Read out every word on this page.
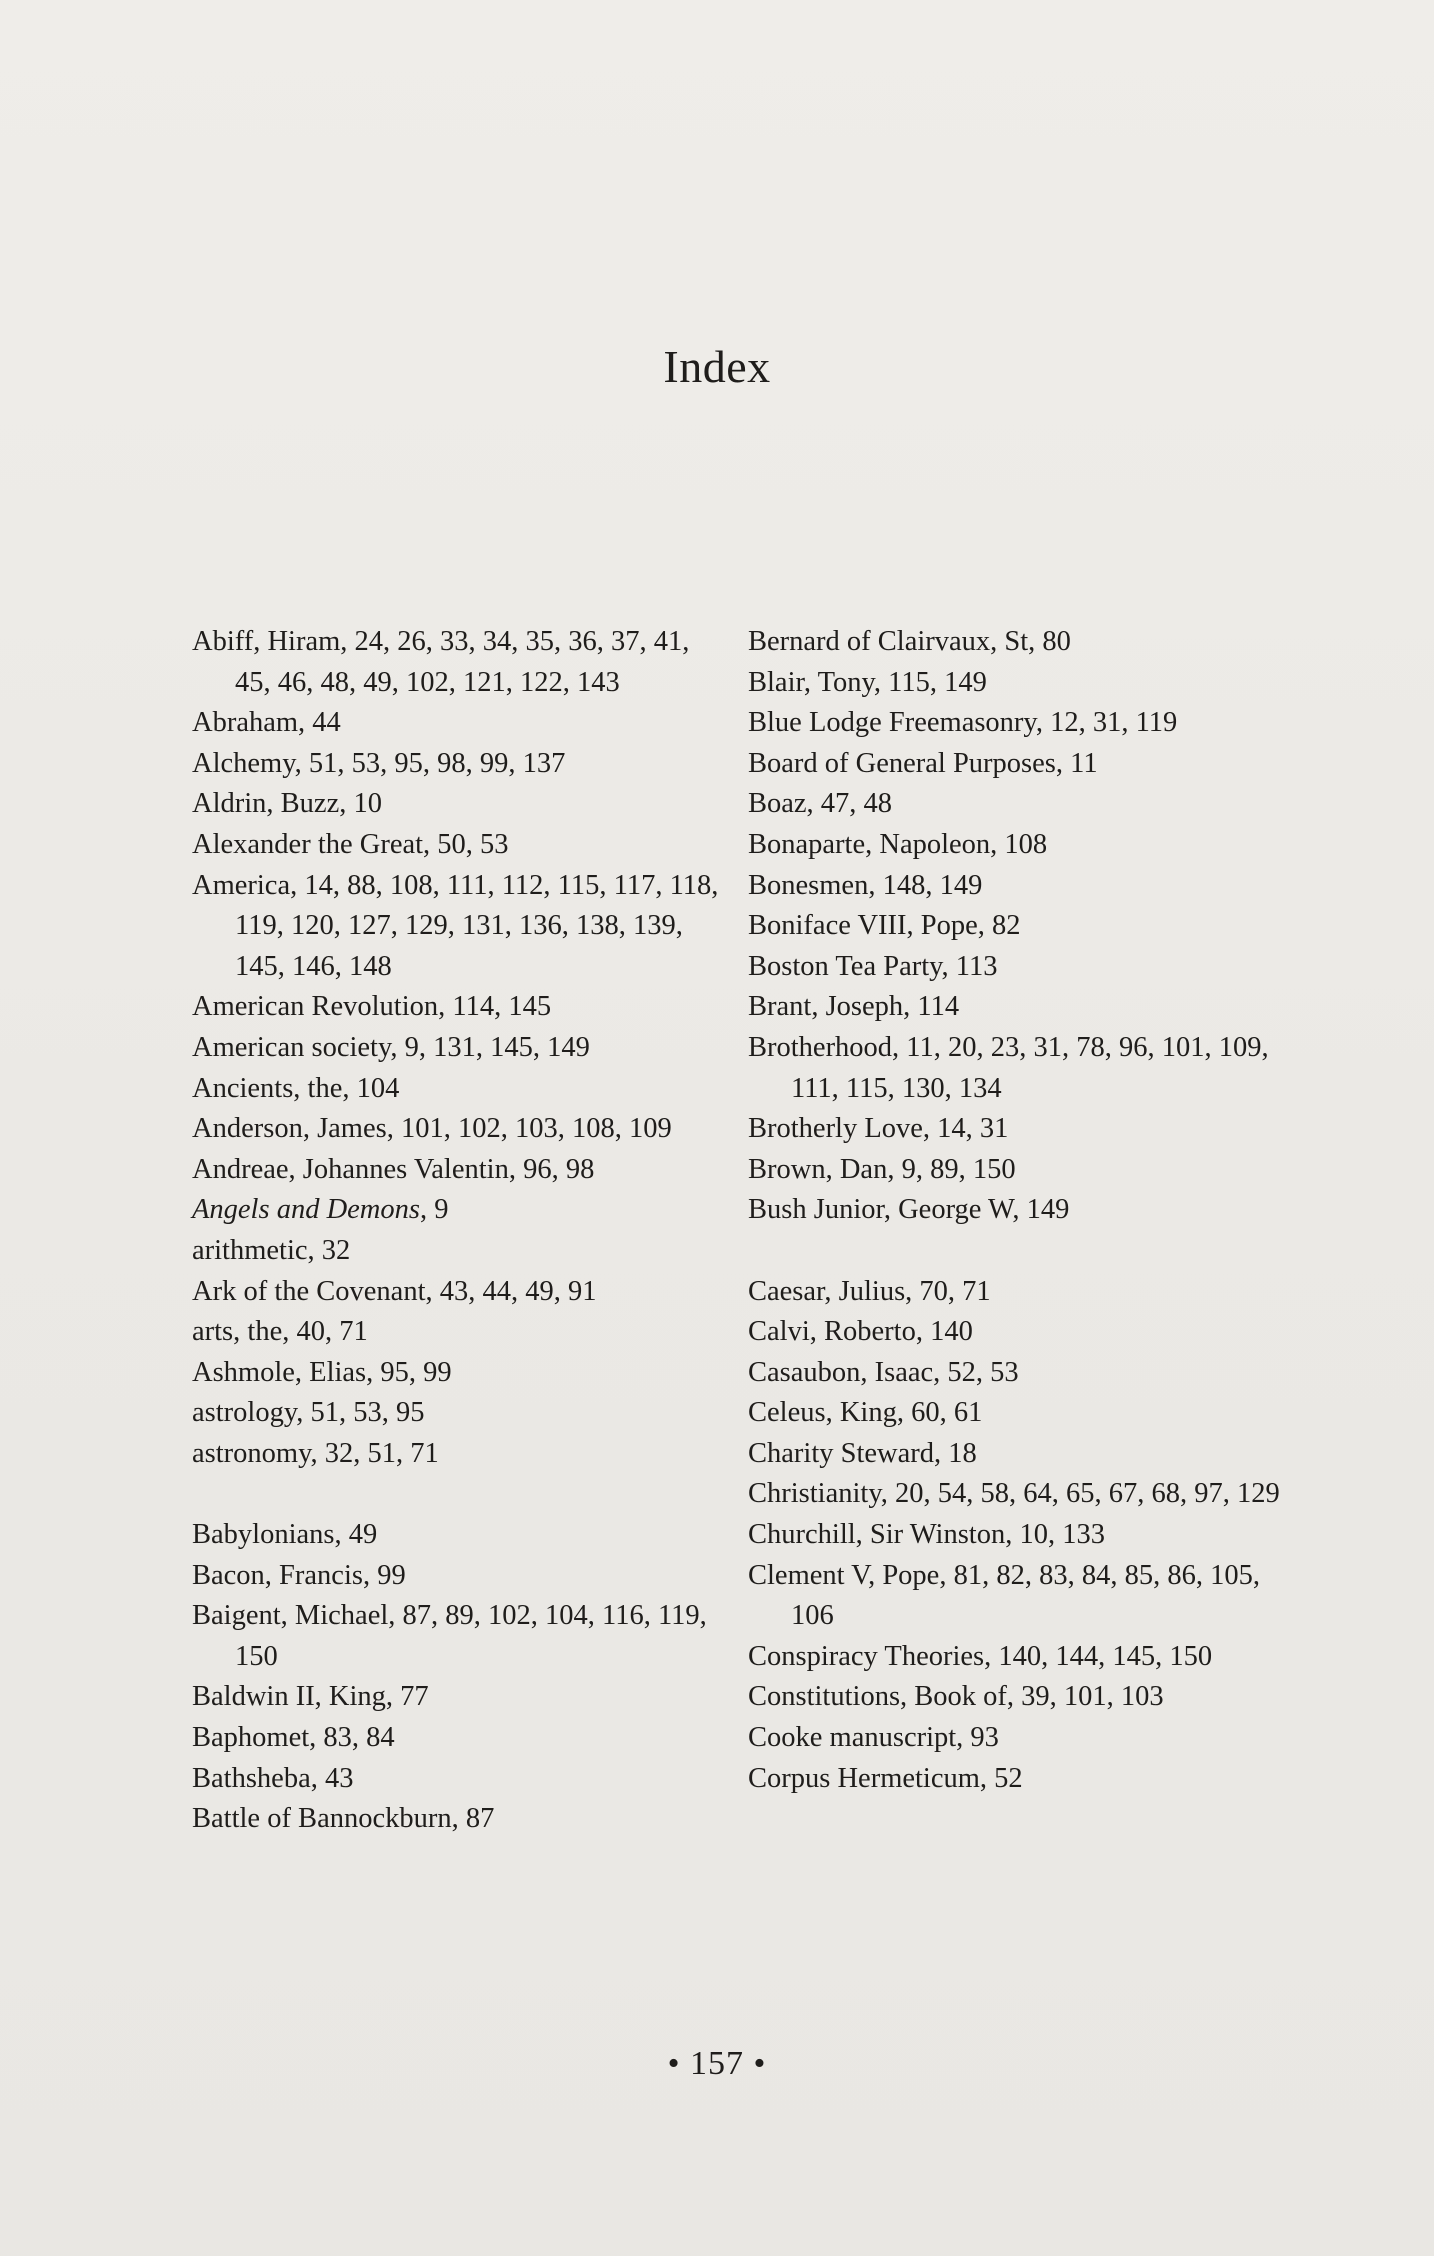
Index
Abiff, Hiram, 24, 26, 33, 34, 35, 36, 37, 41, 45, 46, 48, 49, 102, 121, 122, 143
Abraham, 44
Alchemy, 51, 53, 95, 98, 99, 137
Aldrin, Buzz, 10
Alexander the Great, 50, 53
America, 14, 88, 108, 111, 112, 115, 117, 118, 119, 120, 127, 129, 131, 136, 138, 139, 145, 146, 148
American Revolution, 114, 145
American society, 9, 131, 145, 149
Ancients, the, 104
Anderson, James, 101, 102, 103, 108, 109
Andreae, Johannes Valentin, 96, 98
Angels and Demons, 9
arithmetic, 32
Ark of the Covenant, 43, 44, 49, 91
arts, the, 40, 71
Ashmole, Elias, 95, 99
astrology, 51, 53, 95
astronomy, 32, 51, 71
Babylonians, 49
Bacon, Francis, 99
Baigent, Michael, 87, 89, 102, 104, 116, 119, 150
Baldwin II, King, 77
Baphomet, 83, 84
Bathsheba, 43
Battle of Bannockburn, 87
Bernard of Clairvaux, St, 80
Blair, Tony, 115, 149
Blue Lodge Freemasonry, 12, 31, 119
Board of General Purposes, 11
Boaz, 47, 48
Bonaparte, Napoleon, 108
Bonesmen, 148, 149
Boniface VIII, Pope, 82
Boston Tea Party, 113
Brant, Joseph, 114
Brotherhood, 11, 20, 23, 31, 78, 96, 101, 109, 111, 115, 130, 134
Brotherly Love, 14, 31
Brown, Dan, 9, 89, 150
Bush Junior, George W, 149
Caesar, Julius, 70, 71
Calvi, Roberto, 140
Casaubon, Isaac, 52, 53
Celeus, King, 60, 61
Charity Steward, 18
Christianity, 20, 54, 58, 64, 65, 67, 68, 97, 129
Churchill, Sir Winston, 10, 133
Clement V, Pope, 81, 82, 83, 84, 85, 86, 105, 106
Conspiracy Theories, 140, 144, 145, 150
Constitutions, Book of, 39, 101, 103
Cooke manuscript, 93
Corpus Hermeticum, 52
• 157 •
